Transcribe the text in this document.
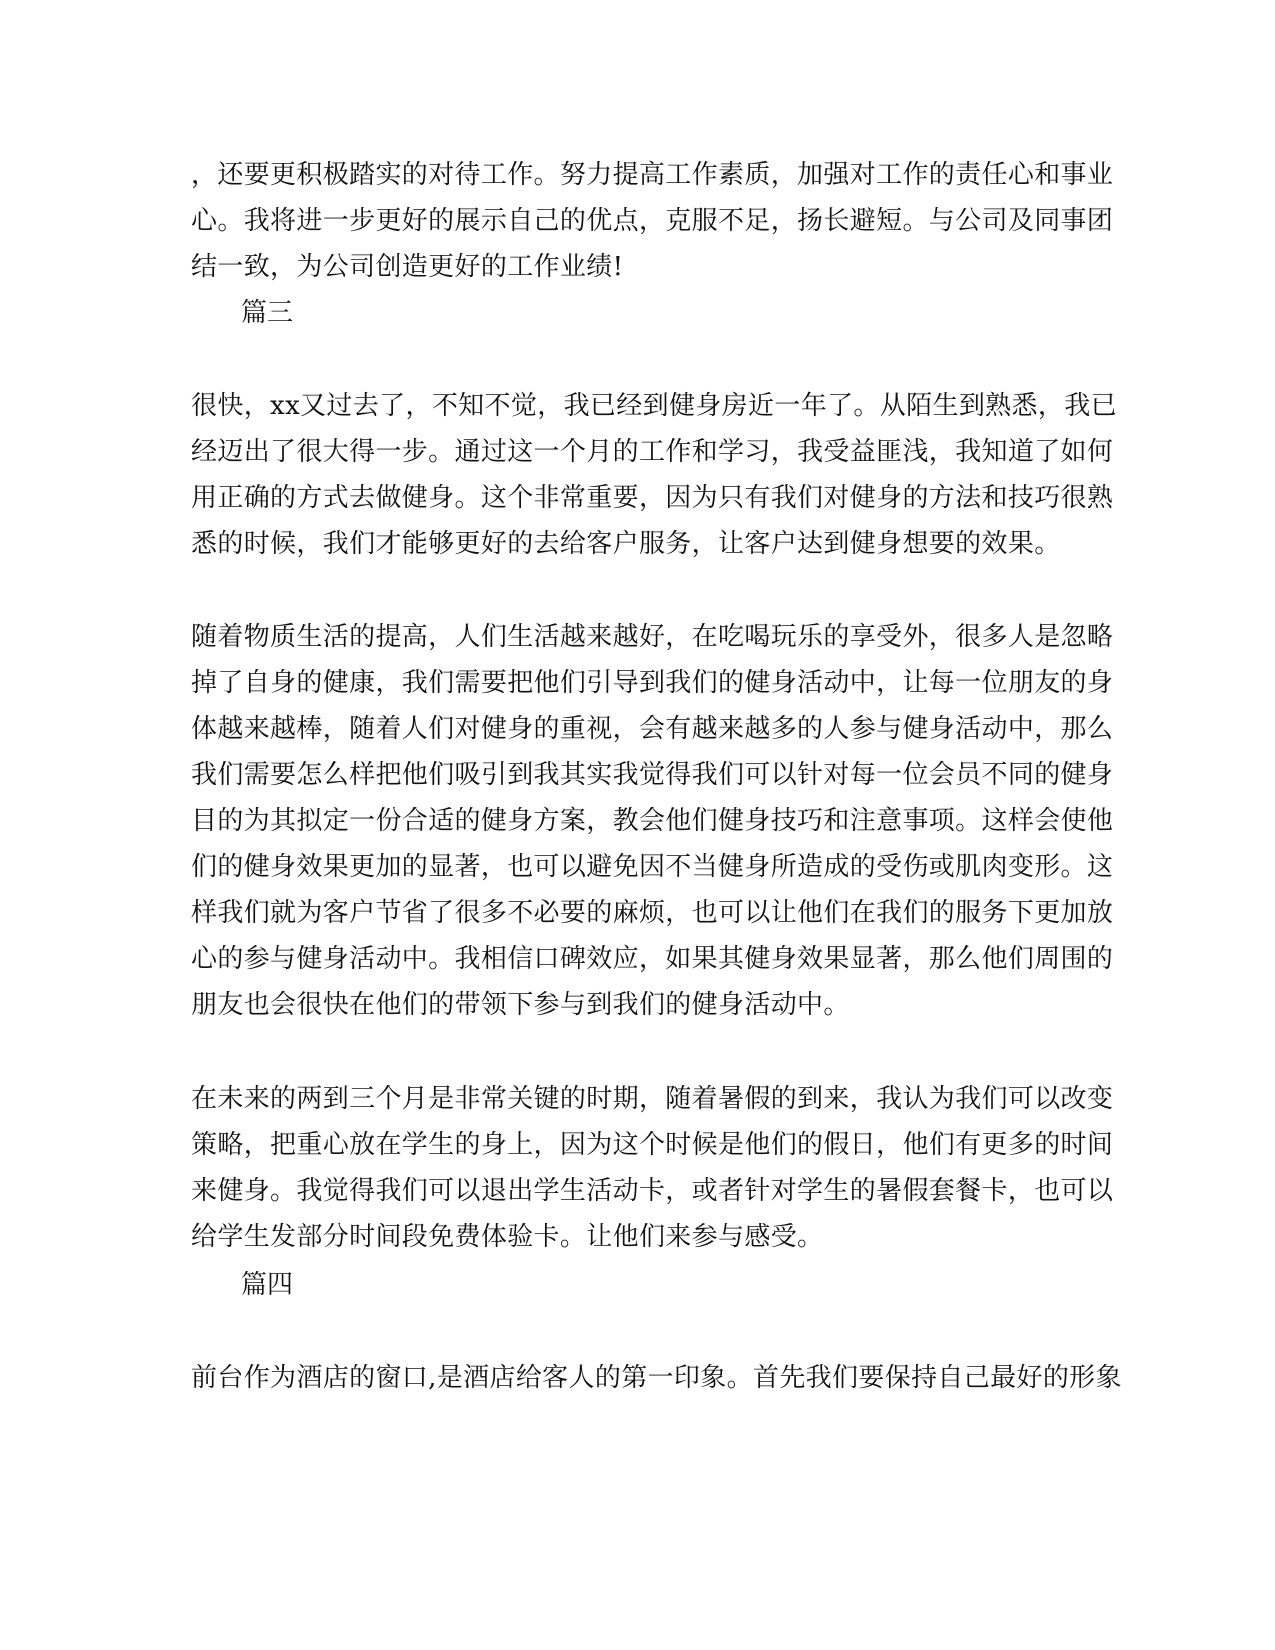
，还要更积极踏实的对待工作。努力提高工作素质，加强对工作的责任心和事业
心。我将进一步更好的展示自己的优点，克服不足，扬长避短。与公司及同事团
结一致，为公司创造更好的工作业绩!
篇三
很快，xx又过去了，不知不觉，我已经到健身房近一年了。从陌生到熟悉，我已
经迈出了很大得一步。通过这一个月的工作和学习，我受益匪浅，我知道了如何
用正确的方式去做健身。这个非常重要，因为只有我们对健身的方法和技巧很熟
悉的时候，我们才能够更好的去给客户服务，让客户达到健身想要的效果。
随着物质生活的提高，人们生活越来越好，在吃喝玩乐的享受外，很多人是忽略
掉了自身的健康，我们需要把他们引导到我们的健身活动中，让每一位朋友的身
体越来越棒，随着人们对健身的重视，会有越来越多的人参与健身活动中，那么
我们需要怎么样把他们吸引到我其实我觉得我们可以针对每一位会员不同的健身
目的为其拟定一份合适的健身方案，教会他们健身技巧和注意事项。这样会使他
们的健身效果更加的显著，也可以避免因不当健身所造成的受伤或肌肉变形。这
样我们就为客户节省了很多不必要的麻烦，也可以让他们在我们的服务下更加放
心的参与健身活动中。我相信口碑效应，如果其健身效果显著，那么他们周围的
朋友也会很快在他们的带领下参与到我们的健身活动中。
在未来的两到三个月是非常关键的时期，随着暑假的到来，我认为我们可以改变
策略，把重心放在学生的身上，因为这个时候是他们的假日，他们有更多的时间
来健身。我觉得我们可以退出学生活动卡，或者针对学生的暑假套餐卡，也可以
给学生发部分时间段免费体验卡。让他们来参与感受。
篇四
前台作为酒店的窗口,是酒店给客人的第一印象。首先我们要保持自己最好的形象
